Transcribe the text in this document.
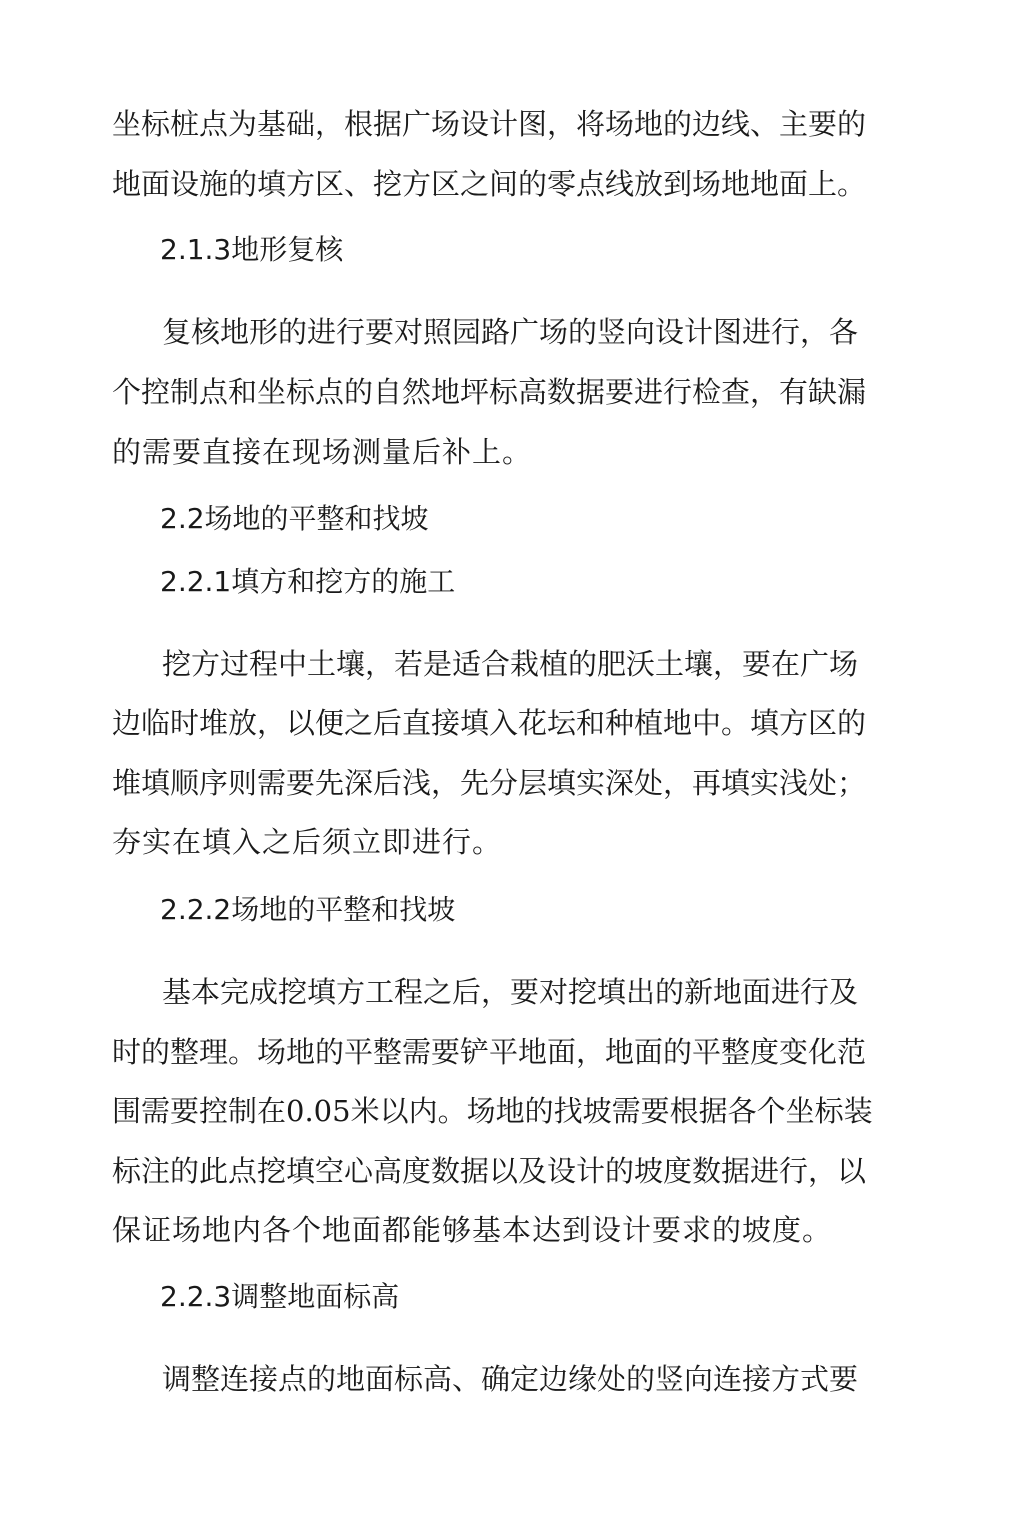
坐标桩点为基础，根据广场设计图，将场地的边线、主要的
地面设施的填方区、挖方区之间的零点线放到场地地面上。
2.1.3地形复核
复核地形的进行要对照园路广场的竖向设计图进行，各
个控制点和坐标点的自然地坪标高数据要进行检查，有缺漏
的需要直接在现场测量后补上。
2.2场地的平整和找坡
2.2.1填方和挖方的施工
挖方过程中土壤，若是适合栽植的肥沃土壤，要在广场
边临时堆放，以便之后直接填入花坛和种植地中。填方区的
堆填顺序则需要先深后浅，先分层填实深处，再填实浅处；
夯实在填入之后须立即进行。
2.2.2场地的平整和找坡
基本完成挖填方工程之后，要对挖填出的新地面进行及
时的整理。场地的平整需要铲平地面，地面的平整度变化范
围需要控制在0.05米以内。场地的找坡需要根据各个坐标装
标注的此点挖填空心高度数据以及设计的坡度数据进行，以
保证场地内各个地面都能够基本达到设计要求的坡度。
2.2.3调整地面标高
调整连接点的地面标高、确定边缘处的竖向连接方式要
